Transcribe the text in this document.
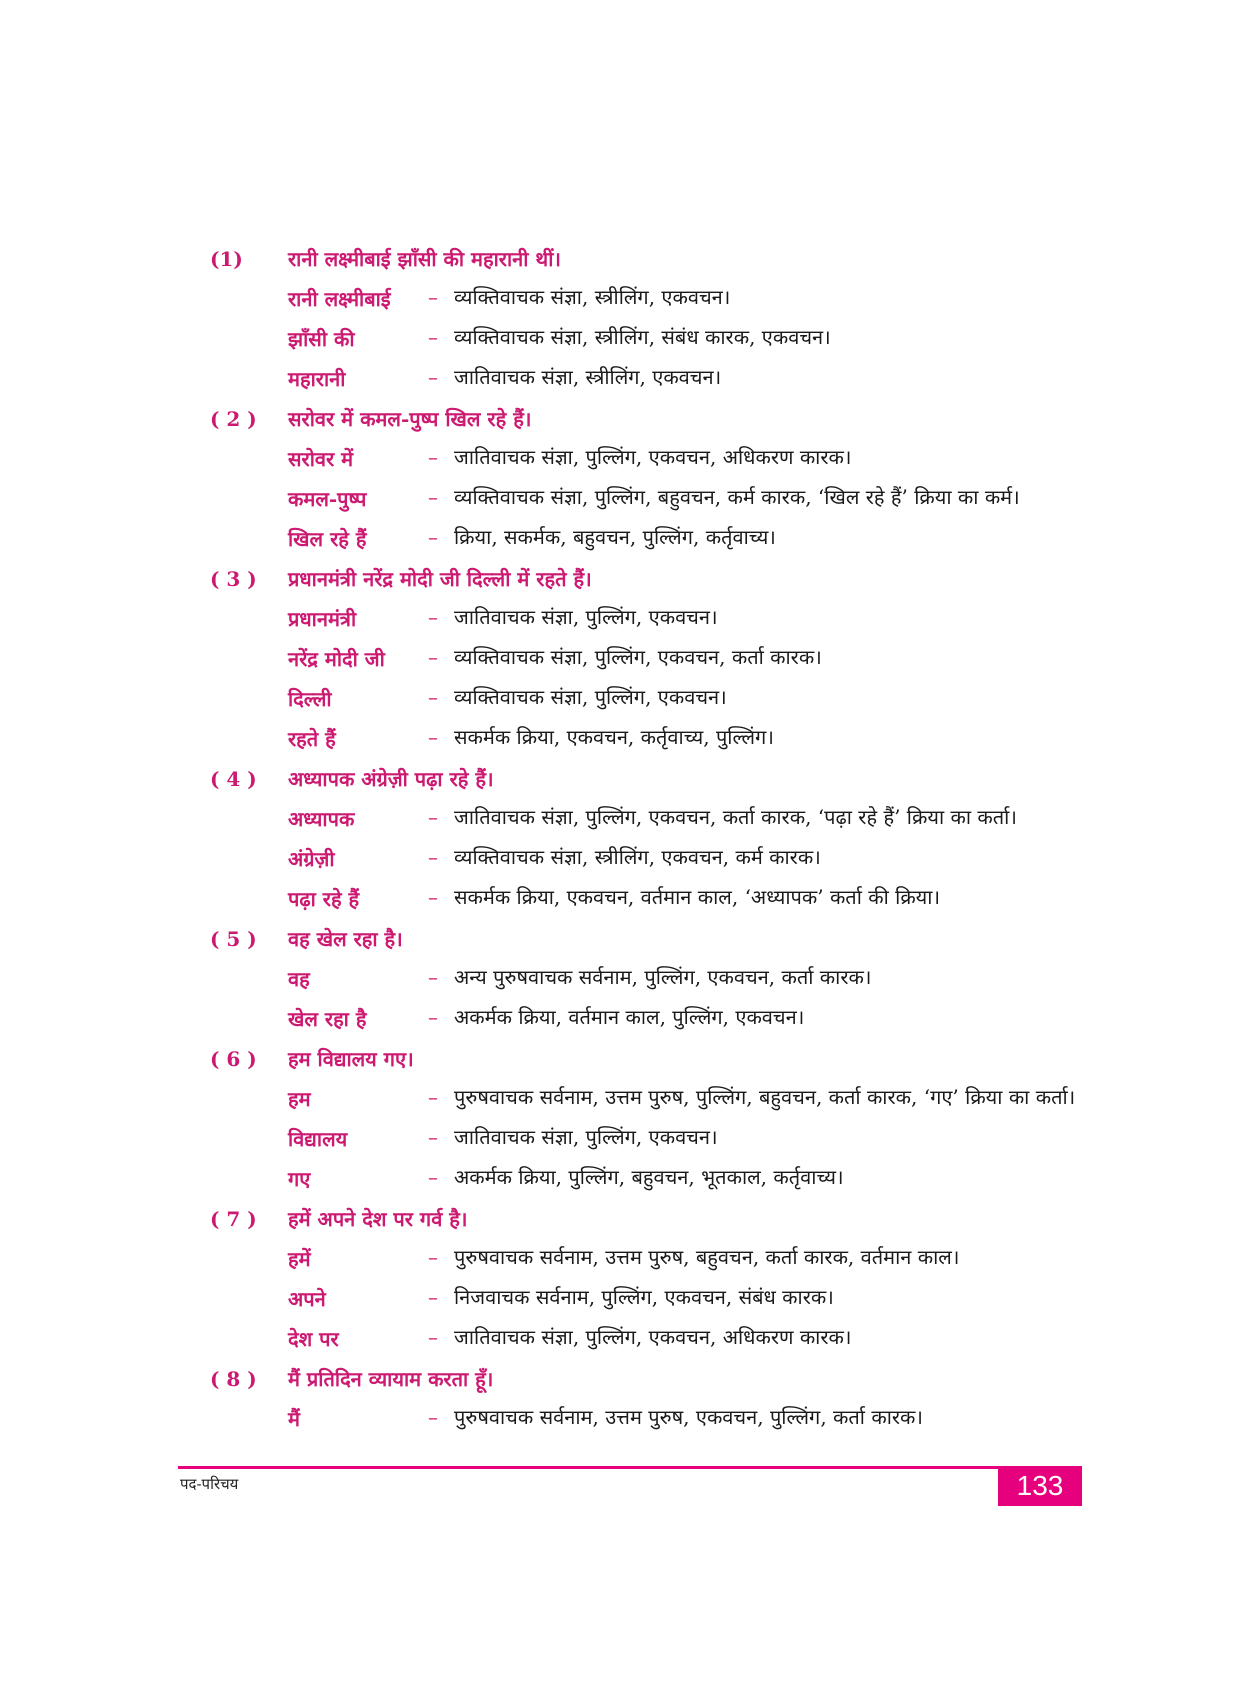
(1)	रानी लक्ष्मीबाई झाँसी की महारानी थीं।
रानी लक्ष्मीबाई	– व्यक्तिवाचक संज्ञा, स्त्रीलिंग, एकवचन।
झाँसी की	– व्यक्तिवाचक संज्ञा, स्त्रीलिंग, संबंध कारक, एकवचन।
महारानी	– जातिवाचक संज्ञा, स्त्रीलिंग, एकवचन।
( 2 )	सरोवर में कमल-पुष्प खिल रहे हैं।
सरोवर में	– जातिवाचक संज्ञा, पुल्लिंग, एकवचन, अधिकरण कारक।
कमल-पुष्प	– व्यक्तिवाचक संज्ञा, पुल्लिंग, बहुवचन, कर्म कारक, ‘खिल रहे हैं’ क्रिया का कर्म।
खिल रहे हैं	– क्रिया, सकर्मक, बहुवचन, पुल्लिंग, कर्तृवाच्य।
( 3 )	प्रधानमंत्री नरेंद्र मोदी जी दिल्ली में रहते हैं।
प्रधानमंत्री	– जातिवाचक संज्ञा, पुल्लिंग, एकवचन।
नरेंद्र मोदी जी	– व्यक्तिवाचक संज्ञा, पुल्लिंग, एकवचन, कर्ता कारक।
दिल्ली	– व्यक्तिवाचक संज्ञा, पुल्लिंग, एकवचन।
रहते हैं	– सकर्मक क्रिया, एकवचन, कर्तृवाच्य, पुल्लिंग।
( 4 )	अध्यापक अंग्रेज़ी पढ़ा रहे हैं।
अध्यापक	– जातिवाचक संज्ञा, पुल्लिंग, एकवचन, कर्ता कारक, ‘पढ़ा रहे हैं’ क्रिया का कर्ता।
अंग्रेज़ी	– व्यक्तिवाचक संज्ञा, स्त्रीलिंग, एकवचन, कर्म कारक।
पढ़ा रहे हैं	– सकर्मक क्रिया, एकवचन, वर्तमान काल, ‘अध्यापक’ कर्ता की क्रिया।
( 5 )	वह खेल रहा है।
वह	– अन्य पुरुषवाचक सर्वनाम, पुल्लिंग, एकवचन, कर्ता कारक।
खेल रहा है	– अकर्मक क्रिया, वर्तमान काल, पुल्लिंग, एकवचन।
( 6 )	हम विद्यालय गए।
हम	– पुरुषवाचक सर्वनाम, उत्तम पुरुष, पुल्लिंग, बहुवचन, कर्ता कारक, ‘गए’ क्रिया का कर्ता।
विद्यालय	– जातिवाचक संज्ञा, पुल्लिंग, एकवचन।
गए	– अकर्मक क्रिया, पुल्लिंग, बहुवचन, भूतकाल, कर्तृवाच्य।
( 7 )	हमें अपने देश पर गर्व है।
हमें	– पुरुषवाचक सर्वनाम, उत्तम पुरुष, बहुवचन, कर्ता कारक, वर्तमान काल।
अपने	– निजवाचक सर्वनाम, पुल्लिंग, एकवचन, संबंध कारक।
देश पर	– जातिवाचक संज्ञा, पुल्लिंग, एकवचन, अधिकरण कारक।
( 8 )	मैं प्रतिदिन व्यायाम करता हूँ।
मैं	– पुरुषवाचक सर्वनाम, उत्तम पुरुष, एकवचन, पुल्लिंग, कर्ता कारक।
पद-परिचय	133
